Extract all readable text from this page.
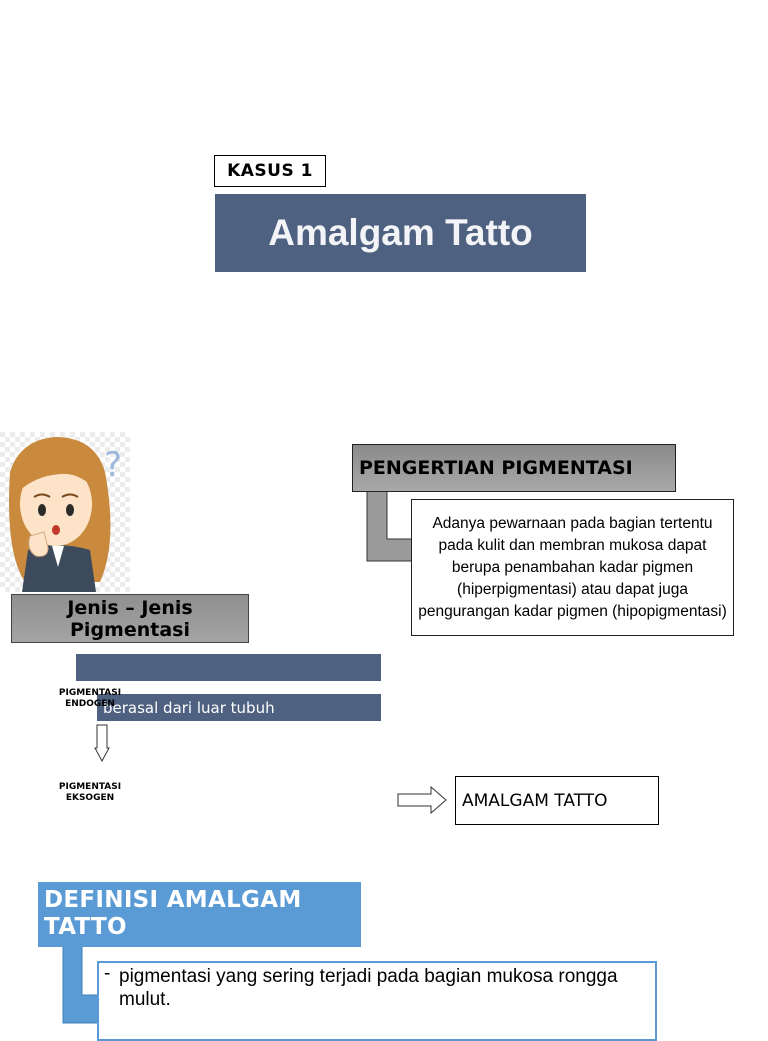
KASUS 1
Amalgam Tatto
?
Jenis – Jenis Pigmentasi
berasal dari luar tubuh
PIGMENTASI ENDOGEN
PIGMENTASI EKSOGEN	AMALGAM TATTO
PENGERTIAN PIGMENTASI
Adanya pewarnaan pada bagian tertentu pada kulit dan membran mukosa dapat berupa penambahan kadar pigmen (hiperpigmentasi) atau dapat juga pengurangan kadar pigmen (hipopigmentasi)
DEFINISI AMALGAM TATTO
- pigmentasi yang sering terjadi pada bagian mukosa rongga mulut.
